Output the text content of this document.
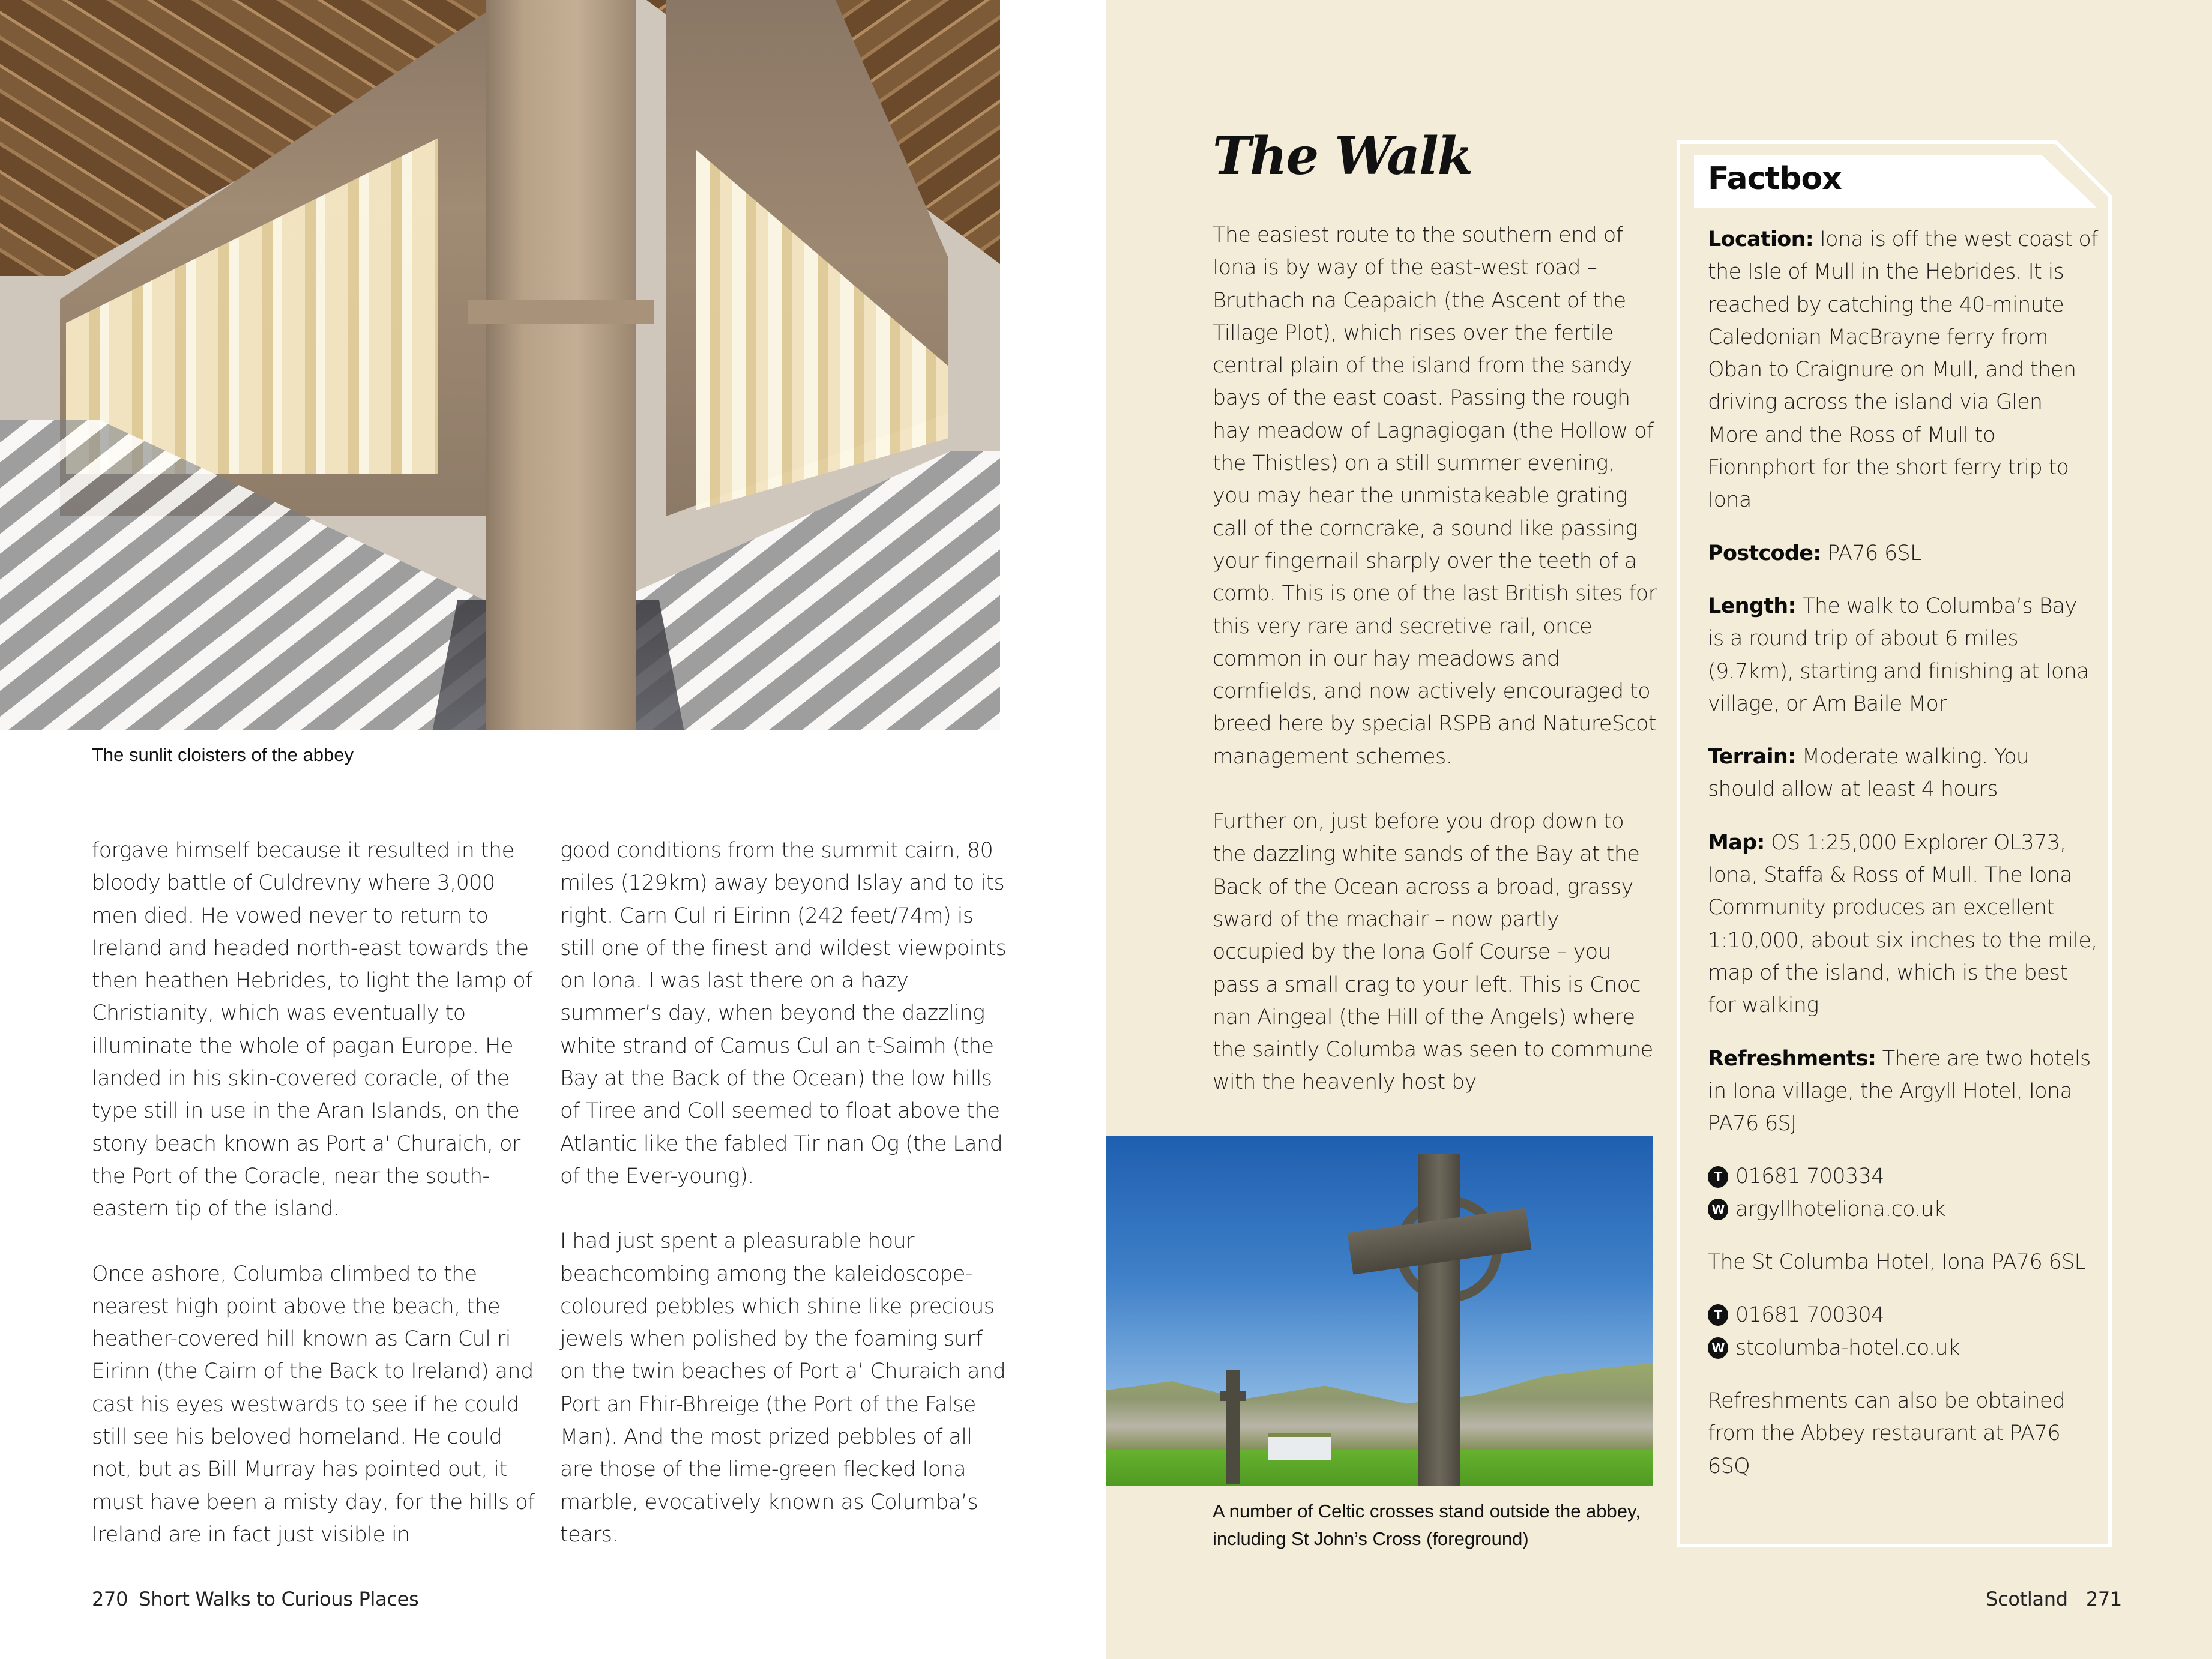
The sunlit cloisters of the abbey

forgave himself because it resulted in the bloody battle of Culdrevny where 3,000 men died. He vowed never to return to Ireland and headed north-east towards the then heathen Hebrides, to light the lamp of Christianity, which was eventually to illuminate the whole of pagan Europe. He landed in his skin-covered coracle, of the type still in use in the Aran Islands, on the stony beach known as Port a' Churaich, or the Port of the Coracle, near the south-eastern tip of the island.

Once ashore, Columba climbed to the nearest high point above the beach, the heather-covered hill known as Carn Cul ri Eirinn (the Cairn of the Back to Ireland) and cast his eyes westwards to see if he could still see his beloved homeland. He could not, but as Bill Murray has pointed out, it must have been a misty day, for the hills of Ireland are in fact just visible in

good conditions from the summit cairn, 80 miles (129km) away beyond Islay and to its right. Carn Cul ri Eirinn (242 feet/74m) is still one of the finest and wildest viewpoints on Iona. I was last there on a hazy summer’s day, when beyond the dazzling white strand of Camus Cul an t-Saimh (the Bay at the Back of the Ocean) the low hills of Tiree and Coll seemed to float above the Atlantic like the fabled Tir nan Og (the Land of the Ever-young).

I had just spent a pleasurable hour beachcombing among the kaleidoscope-coloured pebbles which shine like precious jewels when polished by the foaming surf on the twin beaches of Port a’ Churaich and Port an Fhir-Bhreige (the Port of the False Man). And the most prized pebbles of all are those of the lime-green flecked Iona marble, evocatively known as Columba’s tears.

270 Short Walks to Curious Places
The Walk

The easiest route to the southern end of Iona is by way of the east-west road – Bruthach na Ceapaich (the Ascent of the Tillage Plot), which rises over the fertile central plain of the island from the sandy bays of the east coast. Passing the rough hay meadow of Lagnagiogan (the Hollow of the Thistles) on a still summer evening, you may hear the unmistakeable grating call of the corncrake, a sound like passing your fingernail sharply over the teeth of a comb. This is one of the last British sites for this very rare and secretive rail, once common in our hay meadows and cornfields, and now actively encouraged to breed here by special RSPB and NatureScot management schemes.

Further on, just before you drop down to the dazzling white sands of the Bay at the Back of the Ocean across a broad, grassy sward of the machair – now partly occupied by the Iona Golf Course – you pass a small crag to your left. This is Cnoc nan Aingeal (the Hill of the Angels) where the saintly Columba was seen to commune with the heavenly host by

A number of Celtic crosses stand outside the abbey, including St John’s Cross (foreground)
Factbox

Location: Iona is off the west coast of the Isle of Mull in the Hebrides. It is reached by catching the 40-minute Caledonian MacBrayne ferry from Oban to Craignure on Mull, and then driving across the island via Glen More and the Ross of Mull to Fionnphort for the short ferry trip to Iona

Postcode: PA76 6SL

Length: The walk to Columba’s Bay is a round trip of about 6 miles (9.7km), starting and finishing at Iona village, or Am Baile Mor

Terrain: Moderate walking. You should allow at least 4 hours

Map: OS 1:25,000 Explorer OL373, Iona, Staffa & Ross of Mull. The Iona Community produces an excellent 1:10,000, about six inches to the mile, map of the island, which is the best for walking

Refreshments: There are two hotels in Iona village, the Argyll Hotel, Iona PA76 6SJ

T 01681 700334
W argyllhoteliona.co.uk

The St Columba Hotel, Iona PA76 6SL

T 01681 700304
W stcolumba-hotel.co.uk

Refreshments can also be obtained from the Abbey restaurant at PA76 6SQ

Scotland 271
